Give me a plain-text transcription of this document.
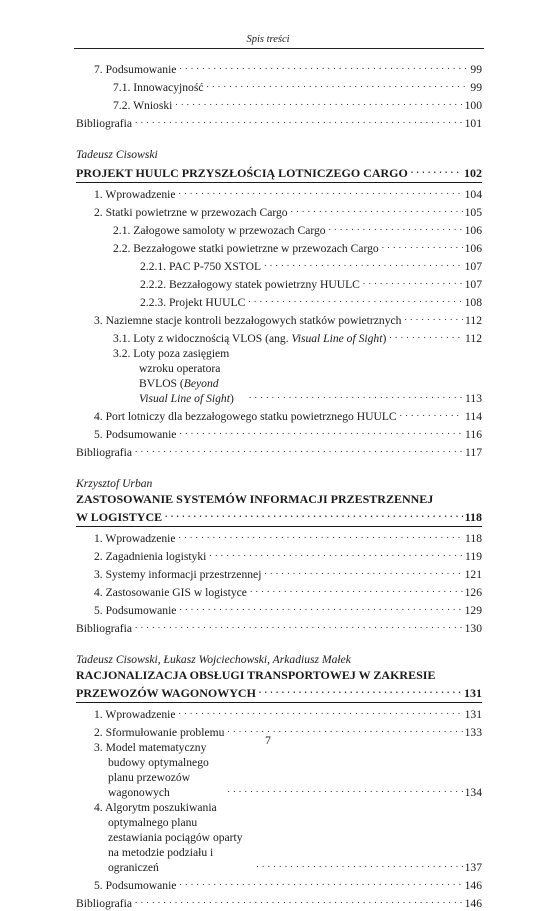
Spis treści
7. Podsumowanie . . .	99
7.1. Innowacyjność . . .	99
7.2. Wnioski . . .	100
Bibliografia . . .	101
Tadeusz Cisowski
PROJEKT HUULC PRZYSZŁOŚCIĄ LOTNICZEGO CARGO . . .	102
1. Wprowadzenie . . .	104
2. Statki powietrzne w przewozach Cargo . . .	105
2.1. Załogowe samoloty w przewozach Cargo . . .	106
2.2. Bezzałogowe statki powietrzne w przewozach Cargo . . .	106
2.2.1. PAC P-750 XSTOL . . .	107
2.2.2. Bezzałogowy statek powietrzny HUULC . . .	107
2.2.3. Projekt HUULC . . .	108
3. Naziemne stacje kontroli bezzałogowych statków powietrznych . . .	112
3.1. Loty z widocznością VLOS (ang. Visual Line of Sight) . . .	112
3.2. Loty poza zasięgiem wzroku operatora BVLOS (Beyond Visual Line of Sight) . . .	113
4. Port lotniczy dla bezzałogowego statku powietrznego HUULC . . .	114
5. Podsumowanie . . .	116
Bibliografia . . .	117
Krzysztof Urban
ZASTOSOWANIE SYSTEMÓW INFORMACJI PRZESTRZENNEJ
W LOGISTYCE . . .	118
1. Wprowadzenie . . .	118
2. Zagadnienia logistyki . . .	119
3. Systemy informacji przestrzennej . . .	121
4. Zastosowanie GIS w logistyce . . .	126
5. Podsumowanie . . .	129
Bibliografia . . .	130
Tadeusz Cisowski, Łukasz Wojciechowski, Arkadiusz Małek
RACJONALIZACJA OBSŁUGI TRANSPORTOWEJ W ZAKRESIE
PRZEWOZÓW WAGONOWYCH . . .	131
1. Wprowadzenie . . .	131
2. Sformułowanie problemu . . .	133
3. Model matematyczny budowy optymalnego planu przewozów wagonowych . . .	134
4. Algorytm poszukiwania optymalnego planu zestawiania pociągów oparty na metodzie podziału i ograniczeń . . .	137
5. Podsumowanie . . .	146
Bibliografia . . .	146
7
